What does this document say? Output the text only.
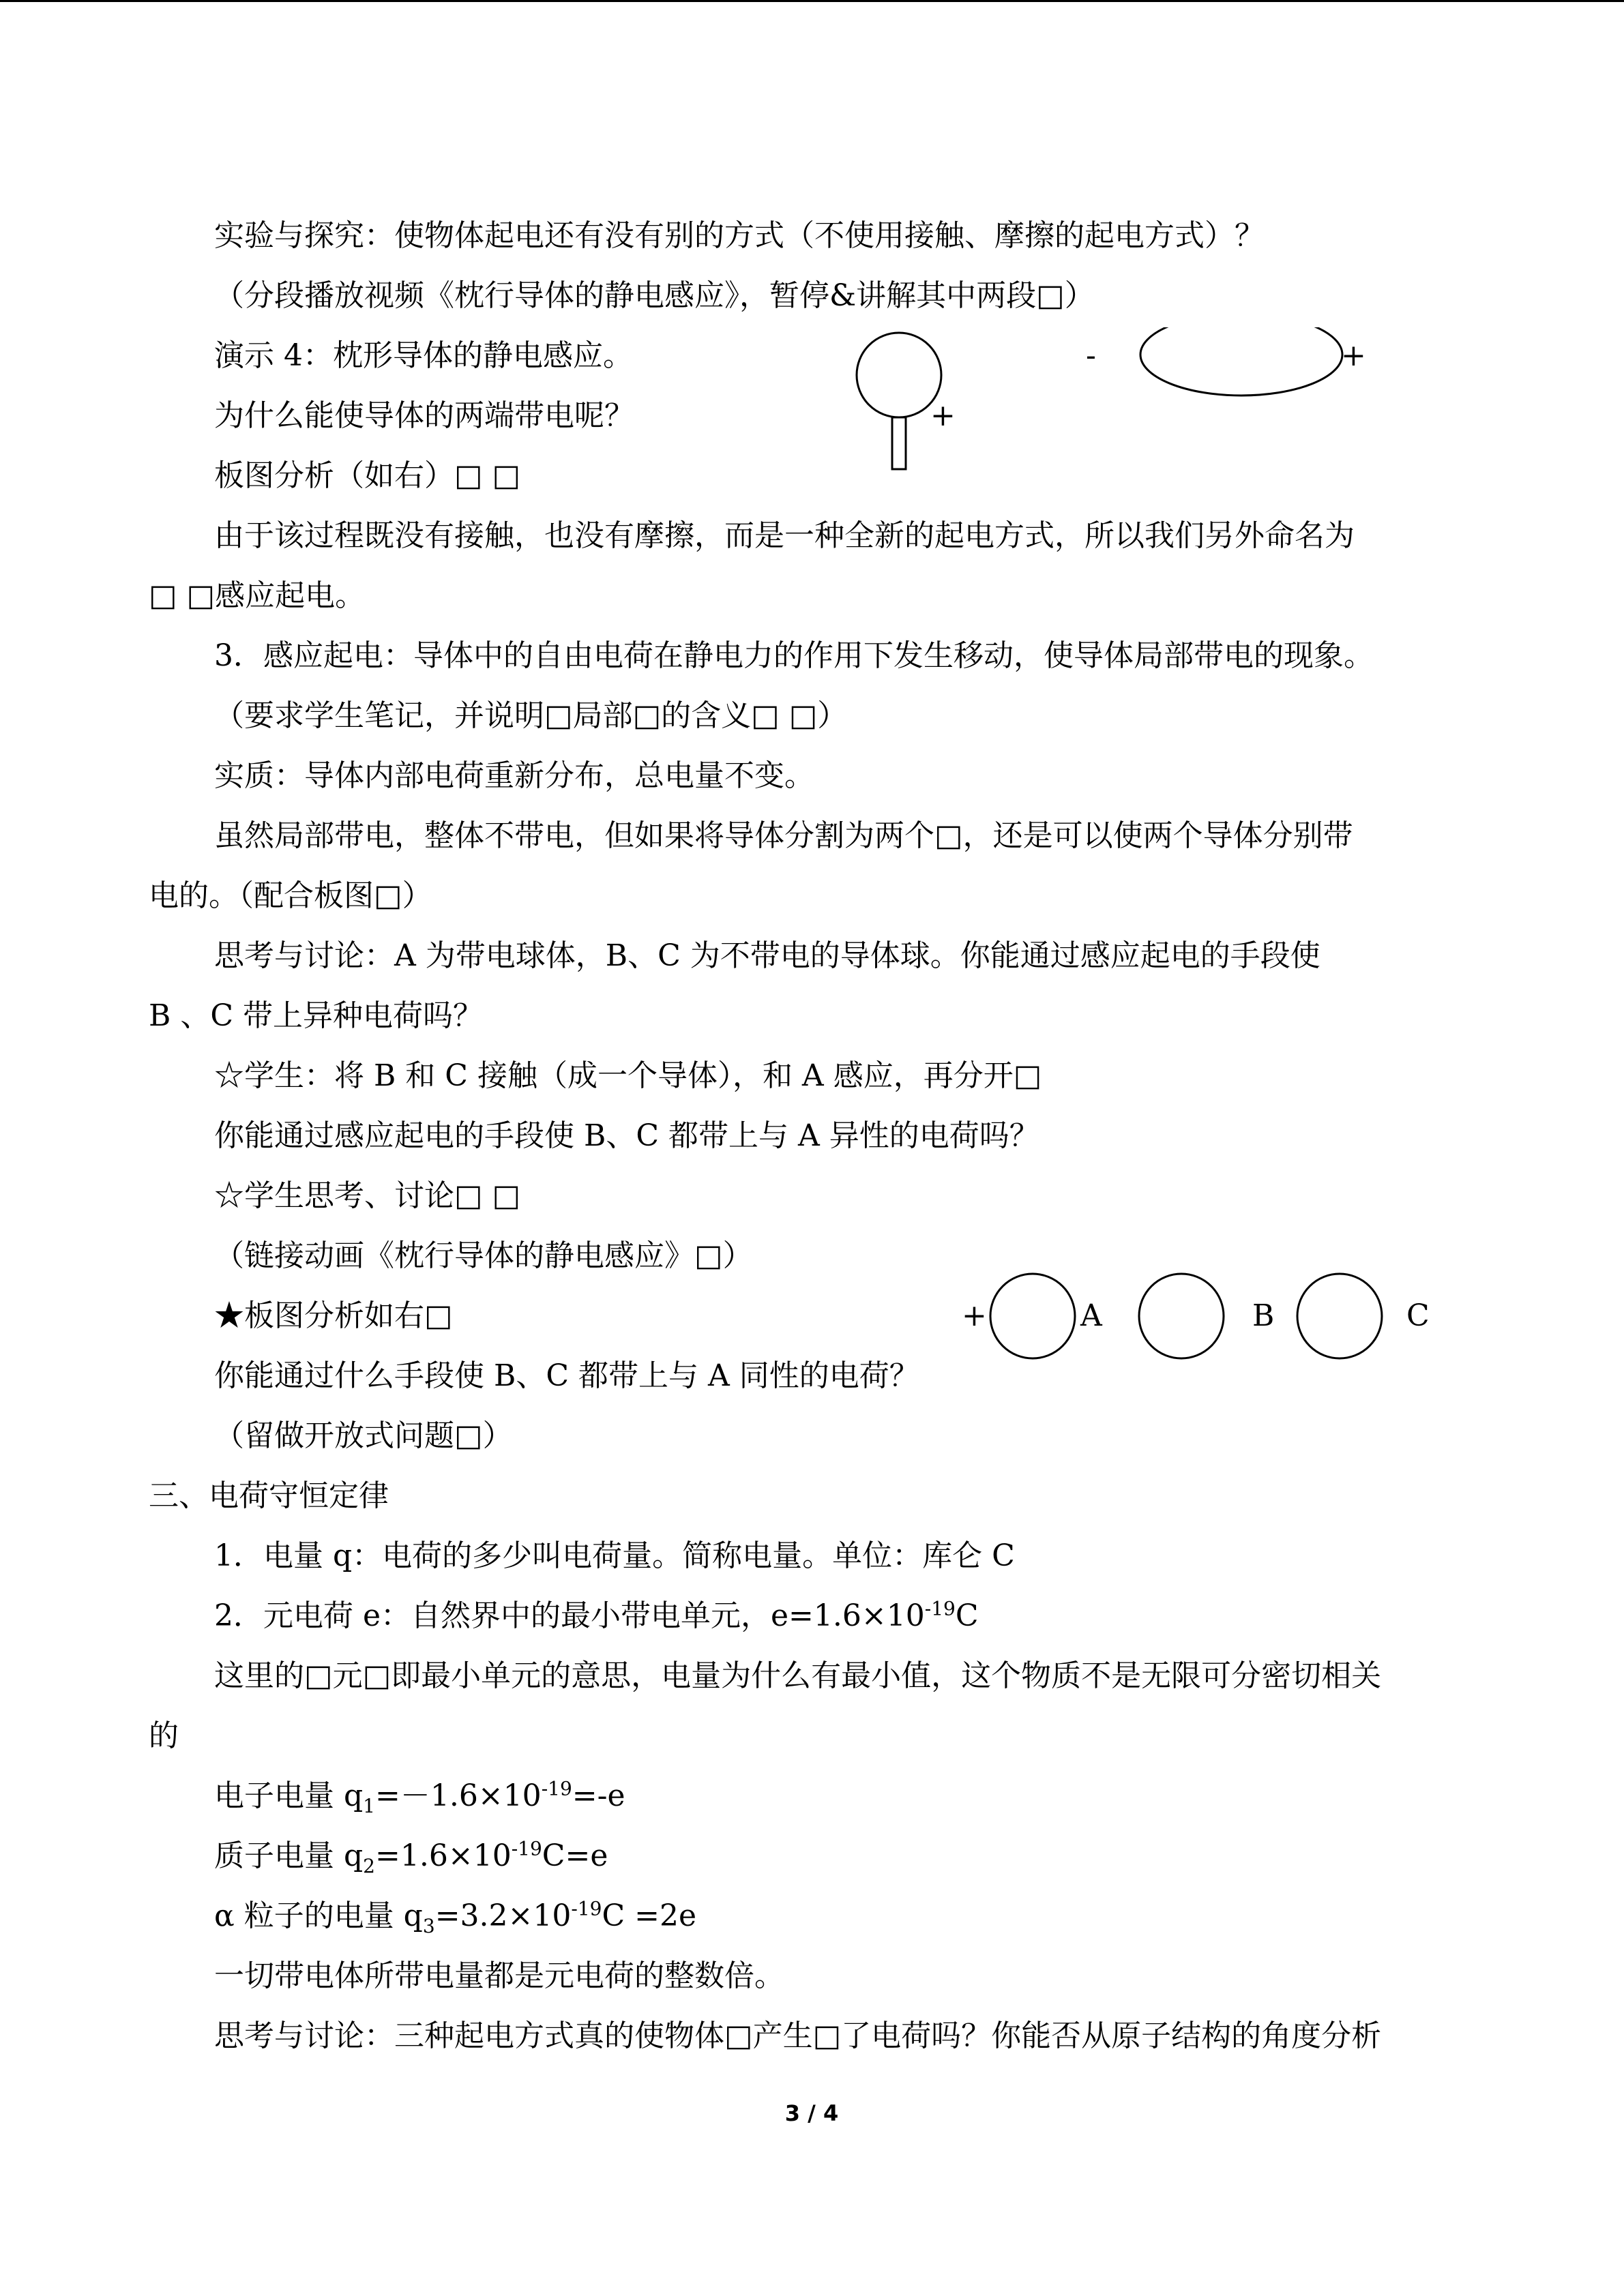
实验与探究：使物体起电还有没有别的方式（不使用接触、摩擦的起电方式）？
（分段播放视频《枕行导体的静电感应》，暂停&讲解其中两段□）
演示 4：枕形导体的静电感应。
为什么能使导体的两端带电呢？
板图分析（如右）□ □
由于该过程既没有接触，也没有摩擦，而是一种全新的起电方式，所以我们另外命名为
□ □感应起电。
3．感应起电：导体中的自由电荷在静电力的作用下发生移动，使导体局部带电的现象。
（要求学生笔记，并说明□局部□的含义□ □）
实质：导体内部电荷重新分布，总电量不变。
虽然局部带电，整体不带电，但如果将导体分割为两个□，还是可以使两个导体分别带
电的。（配合板图□）
思考与讨论：A 为带电球体，B、C 为不带电的导体球。你能通过感应起电的手段使
B 、C 带上异种电荷吗？
☆学生：将 B 和 C 接触（成一个导体），和 A 感应，再分开□
你能通过感应起电的手段使 B、C 都带上与 A 异性的电荷吗？
☆学生思考、讨论□ □
（链接动画《枕行导体的静电感应》□）
★板图分析如右□
你能通过什么手段使 B、C 都带上与 A 同性的电荷？
（留做开放式问题□）
三、电荷守恒定律
1．电量 q：电荷的多少叫电荷量。简称电量。单位：库仑 C
2．元电荷 e：自然界中的最小带电单元，$e=1.6\times 10^{-19}C$
这里的□元□即最小单元的意思，电量为什么有最小值，这个物质不是无限可分密切相关
的
电子电量 $q_1=-1.6\times 10^{-19}=-e$
质子电量 $q_2=1.6\times 10^{-19}C=e$
α 粒子的电量 $q_3=3.2\times 10^{-19}C =2e$
一切带电体所带电量都是元电荷的整数倍。
思考与讨论：三种起电方式真的使物体□产生□了电荷吗？你能否从原子结构的角度分析
-	+
+
+	A	B	C
3 / 4
